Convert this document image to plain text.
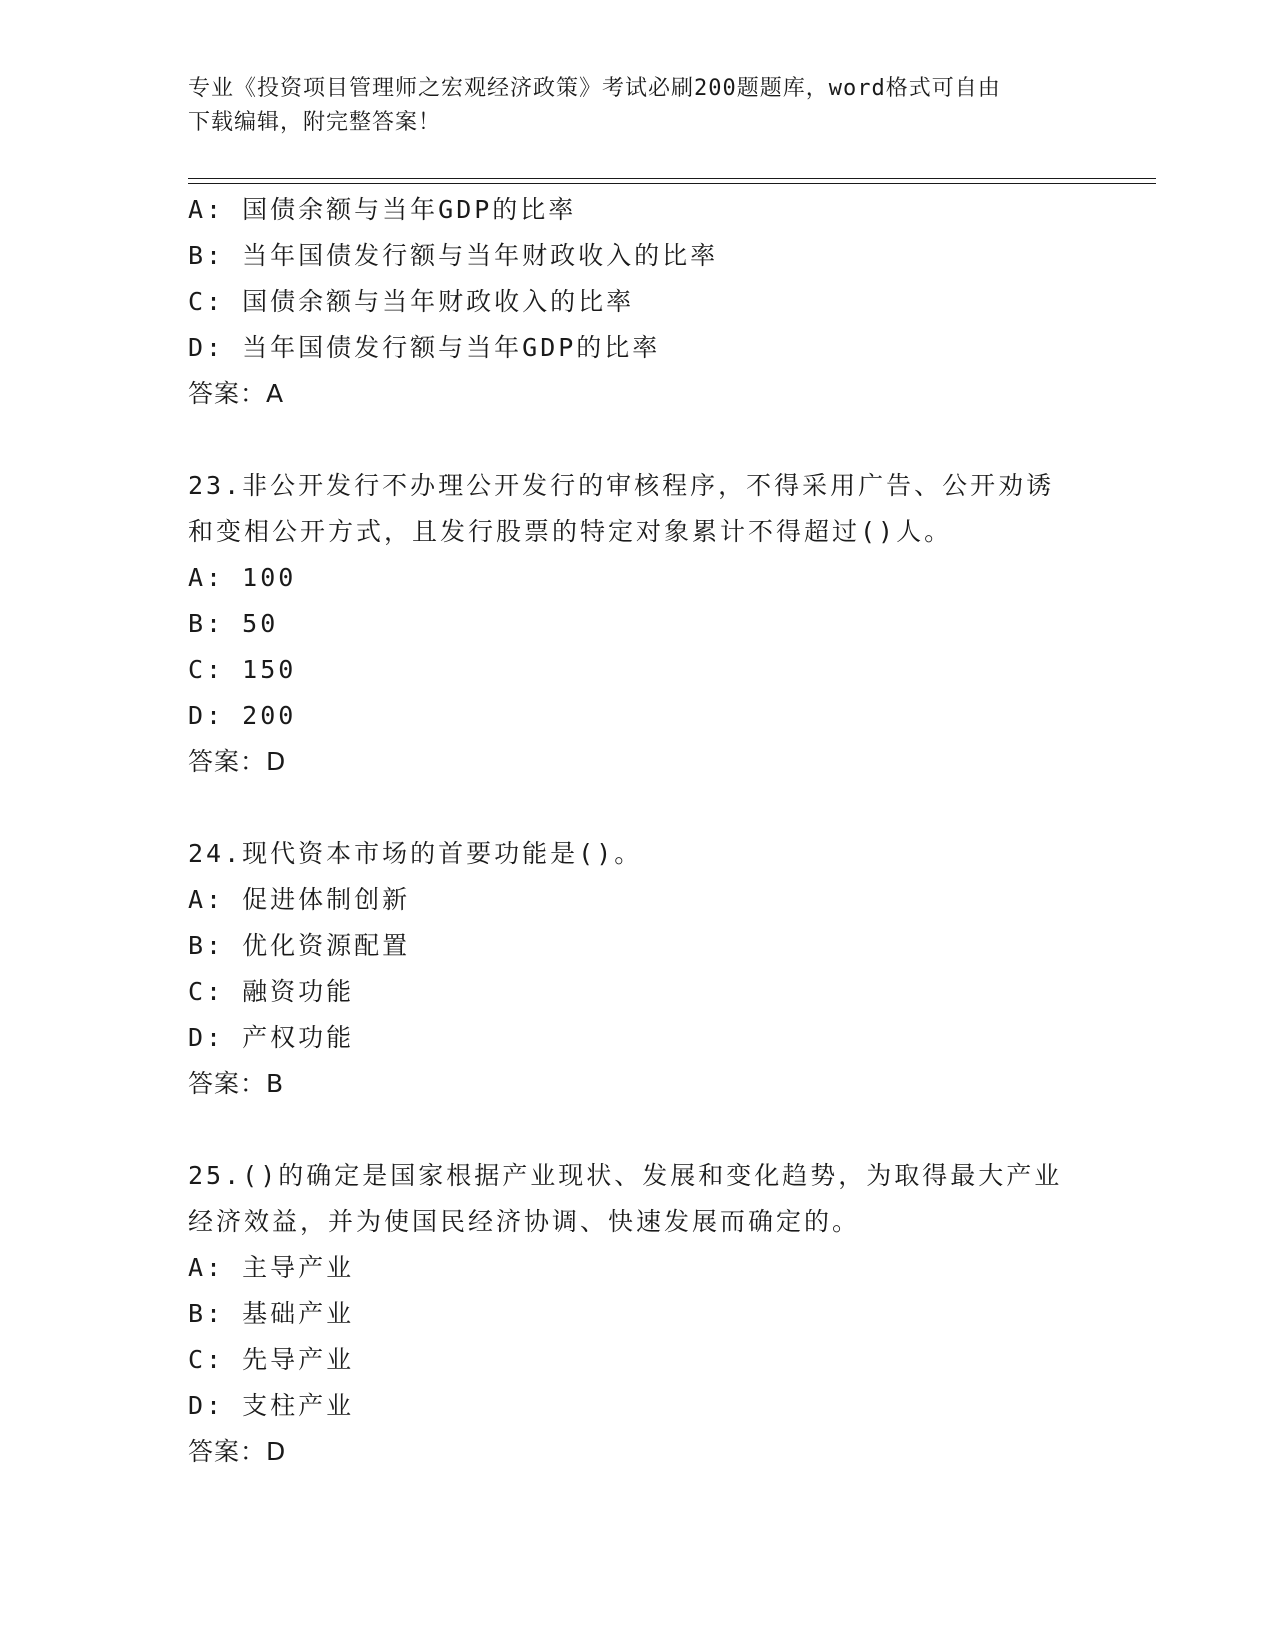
专业《投资项目管理师之宏观经济政策》考试必刷200题题库，word格式可自由
下载编辑，附完整答案！
A: 国债余额与当年GDP的比率
B: 当年国债发行额与当年财政收入的比率
C: 国债余额与当年财政收入的比率
D: 当年国债发行额与当年GDP的比率
答案：A
23.非公开发行不办理公开发行的审核程序，不得采用广告、公开劝诱
和变相公开方式，且发行股票的特定对象累计不得超过()人。
A: 100
B: 50
C: 150
D: 200
答案：D
24.现代资本市场的首要功能是()。
A: 促进体制创新
B: 优化资源配置
C: 融资功能
D: 产权功能
答案：B
25.()的确定是国家根据产业现状、发展和变化趋势，为取得最大产业
经济效益，并为使国民经济协调、快速发展而确定的。
A: 主导产业
B: 基础产业
C: 先导产业
D: 支柱产业
答案：D
